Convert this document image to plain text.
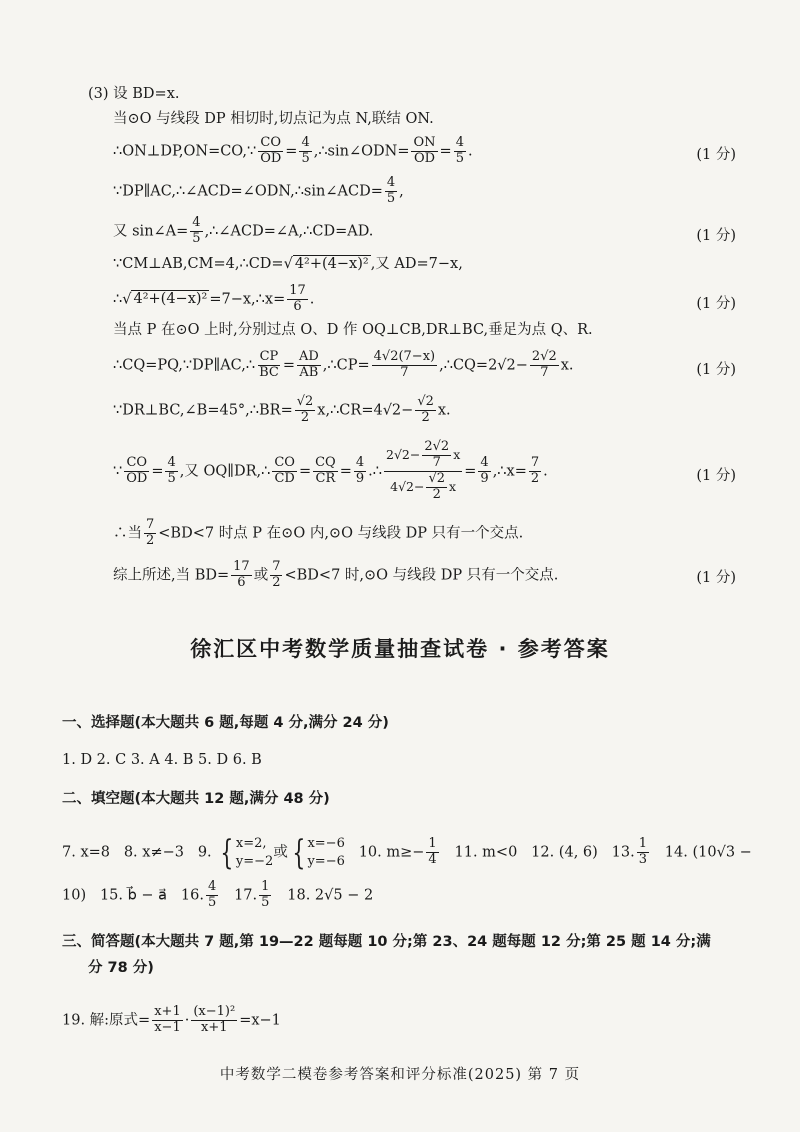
(3) 设 BD=x.
当⊙O 与线段 DP 相切时,切点记为点 N,联结 ON.
∴ON⊥DP,ON=CO,∵ $\frac{CO}{OD} = \frac{4}{5}$ ,∴sin∠ODN= $\frac{ON}{OD} = \frac{4}{5}$ .	(1 分)
∵DP∥AC,∴∠ACD=∠ODN,∴sin∠ACD= $\frac{4}{5}$ ,
又 sin∠A= $\frac{4}{5}$ ,∴∠ACD=∠A,∴CD=AD.	(1 分)
∵CM⊥AB,CM=4,∴CD=√ 4²+(4−x)² ,又 AD=7−x,
∴√ 4²+(4−x)² =7−x,∴x= $\frac{17}{6}$ .	(1 分)
当点 P 在⊙O 上时,分别过点 O、D 作 OQ⊥CB,DR⊥BC,垂足为点 Q、R.
∴CQ=PQ,∵DP∥AC,∴ $\frac{CP}{BC} = \frac{AD}{AB}$ ,∴CP= $\frac{4√2(7-x)}{7}$ ,∴CQ=2√2− $\frac{2√2}{7} x$.	(1 分)
∵DR⊥BC,∠B=45°,∴BR= $\frac{√2}{2}$ x,∴CR=4√2− $\frac{√2}{2} x$.
∵ $\frac{CO}{OD} = \frac{4}{5}$ ,又 OQ∥DR,∴ $\frac{CO}{CD} = \frac{CQ}{CR} = \frac{4}{9}$ .∴ $\frac{2√2- \frac{2√2}{7} x}{4√2- \frac{√2}{2} x} = \frac{4}{9}$ ,∴x= $\frac{7}{2}$ .	(1 分)
∴当 $\frac{7}{2} <BD<7$ 时点 P 在⊙O 内,⊙O 与线段 DP 只有一个交点.
综上所述,当 $BD= \frac{17}{6}$ 或 $\frac{7}{2} <BD<7$ 时,⊙O 与线段 DP 只有一个交点.	(1 分)
徐汇区中考数学质量抽查试卷 · 参考答案
一、选择题(本大题共 6 题,每题 4 分,满分 24 分)
1. D 2. C 3. A 4. B 5. D 6. B
二、填空题(本大题共 12 题,满分 48 分)
7. x=8 8. x≠−3 9. { x=2,
y=−2
或 { x=−6
y=−6
10. $m\ge- \frac{1}{4} 11$. m<0 12. (4, 6) 13. $\frac{1}{3} 14$. (10√3 −
10) 15. b⃗ − a⃗ 16. $\frac{4}{5} 17$. $\frac{1}{5} 18$. 2√5 − 2
三、简答题(本大题共 7 题,第 19—22 题每题 10 分;第 23、24 题每题 12 分;第 25 题 14 分;满
分 78 分)
19. 解:原式= $\frac{x+1}{x-1} \cdot \frac{\text{(x−1)²}}{x+1} =x-1$
中考数学二模卷参考答案和评分标准(2025) 第 7 页
